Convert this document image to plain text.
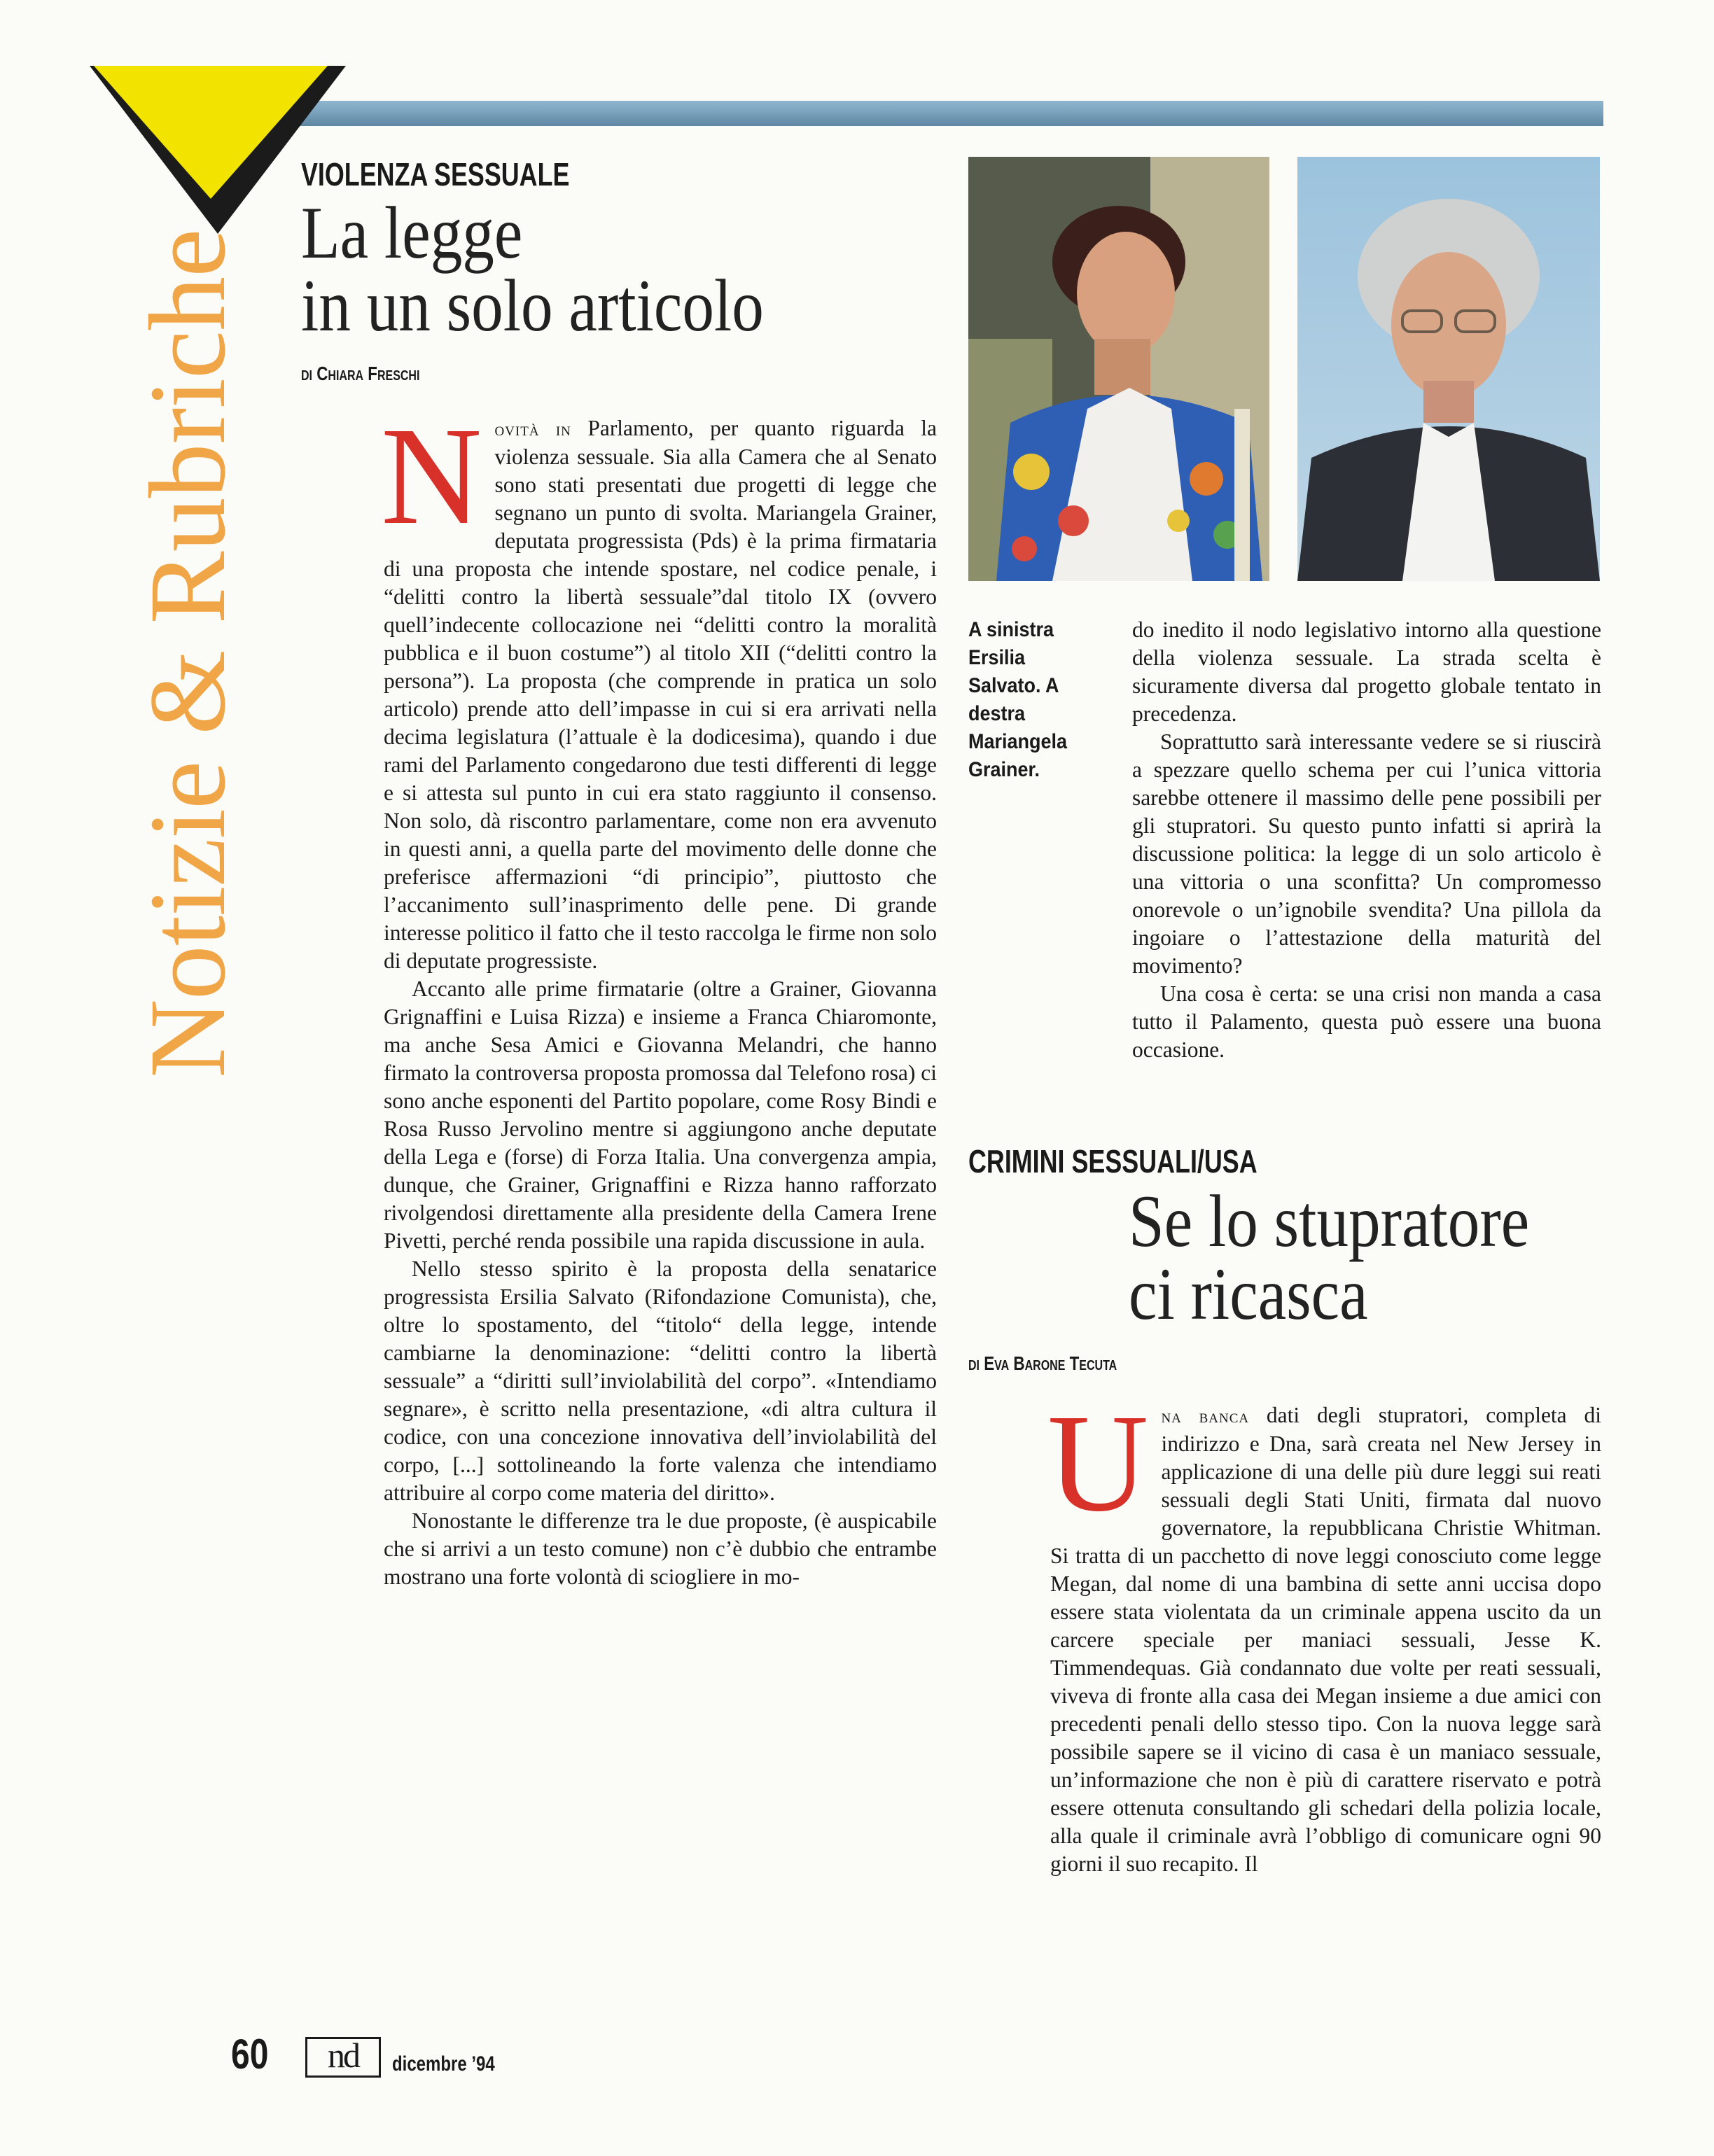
Notizie & Rubriche
VIOLENZA SESSUALE
La legge
in un solo articolo
di Chiara Freschi

Novità in Parlamento, per quanto riguarda la violenza sessuale. Sia alla Camera che al Senato sono stati presentati due progetti di legge che segnano un punto di svolta. Mariangela Grainer, deputata progressista (Pds) è la prima firmataria di una proposta che intende spostare, nel codice penale, i “delitti contro la libertà sessuale”dal titolo IX (ovvero quell’indecente collocazione nei “delitti contro la moralità pubblica e il buon costume”) al titolo XII (“delitti contro la persona”). La proposta (che comprende in pratica un solo articolo) prende atto dell’impasse in cui si era arrivati nella decima legislatura (l’attuale è la dodicesima), quando i due rami del Parlamento congedarono due testi differenti di legge e si attesta sul punto in cui era stato raggiunto il consenso. Non solo, dà riscontro parlamentare, come non era avvenuto in questi anni, a quella parte del movimento delle donne che preferisce affermazioni “di principio”, piuttosto che l’accanimento sull’inasprimento delle pene. Di grande interesse politico il fatto che il testo raccolga le firme non solo di deputate progressiste.

Accanto alle prime firmatarie (oltre a Grainer, Giovanna Grignaffini e Luisa Rizza) e insieme a Franca Chiaromonte, ma anche Sesa Amici e Giovanna Melandri, che hanno firmato la controversa proposta promossa dal Telefono rosa) ci sono anche esponenti del Partito popolare, come Rosy Bindi e Rosa Russo Jervolino mentre si aggiungono anche deputate della Lega e (forse) di Forza Italia. Una convergenza ampia, dunque, che Grainer, Grignaffini e Rizza hanno rafforzato rivolgendosi direttamente alla presidente della Camera Irene Pivetti, perché renda possibile una rapida discussione in aula.

Nello stesso spirito è la proposta della senatarice progressista Ersilia Salvato (Rifondazione Comunista), che, oltre lo spostamento, del “titolo“ della legge, intende cambiarne la denominazione: “delitti contro la libertà sessuale” a “diritti sull’inviolabilità del corpo”. «Intendiamo segnare», è scritto nella presentazione, «di altra cultura il codice, con una concezione innovativa dell’inviolabilità del corpo, [...] sottolineando la forte valenza che intendiamo attribuire al corpo come materia del diritto».

Nonostante le differenze tra le due proposte, (è auspicabile che si arrivi a un testo comune) non c’è dubbio che entrambe mostrano una forte volontà di sciogliere in mo-

A sinistra Ersilia Salvato. A destra Mariangela Grainer.

do inedito il nodo legislativo intorno alla questione della violenza sessuale. La strada scelta è sicuramente diversa dal progetto globale tentato in precedenza.

Soprattutto sarà interessante vedere se si riuscirà a spezzare quello schema per cui l’unica vittoria sarebbe ottenere il massimo delle pene possibili per gli stupratori. Su questo punto infatti si aprirà la discussione politica: la legge di un solo articolo è una vittoria o una sconfitta? Un compromesso onorevole o un’ignobile svendita? Una pillola da ingoiare o l’attestazione della maturità del movimento?

Una cosa è certa: se una crisi non manda a casa tutto il Palamento, questa può essere una buona occasione.

CRIMINI SESSUALI/USA
Se lo stupratore
ci ricasca
di Eva Barone Tecuta

Una banca dati degli stupratori, completa di indirizzo e Dna, sarà creata nel New Jersey in applicazione di una delle più dure leggi sui reati sessuali degli Stati Uniti, firmata dal nuovo governatore, la repubblicana Christie Whitman. Si tratta di un pacchetto di nove leggi conosciuto come legge Megan, dal nome di una bambina di sette anni uccisa dopo essere stata violentata da un criminale appena uscito da un carcere speciale per maniaci sessuali, Jesse K. Timmendequas. Già condannato due volte per reati sessuali, viveva di fronte alla casa dei Megan insieme a due amici con precedenti penali dello stesso tipo. Con la nuova legge sarà possibile sapere se il vicino di casa è un maniaco sessuale, un’informazione che non è più di carattere riservato e potrà essere ottenuta consultando gli schedari della polizia locale, alla quale il criminale avrà l’obbligo di comunicare ogni 90 giorni il suo recapito. Il

60	nd	dicembre ’94
